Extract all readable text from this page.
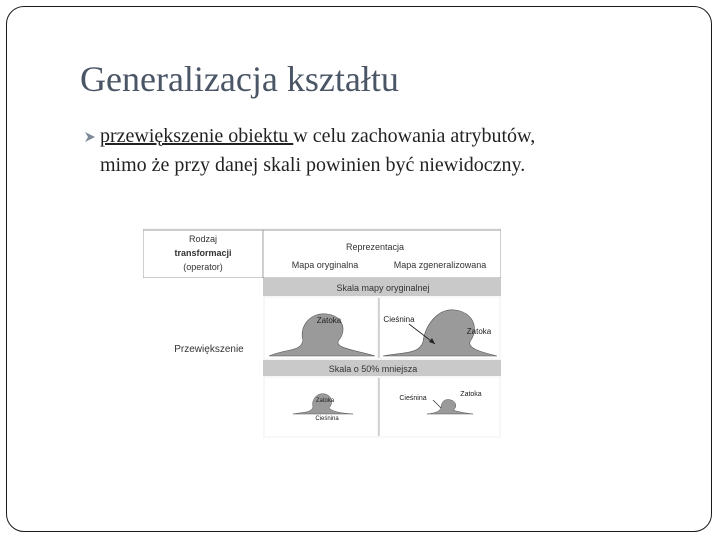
Generalizacja kształtu
przewiększenie obiektu w celu zachowania atrybutów,
mimo że przy danej skali powinien być niewidoczny.
Rodzaj
transformacji
(operator)
Reprezentacja
Mapa oryginalna	Mapa zgeneralizowana
Skala mapy oryginalnej
Przewiększenie
Zatoka	Cieśnina
Zatoka
Skala o 50% mniejsza
Zatoka
Cieśnina
Cieśnina
Zatoka
